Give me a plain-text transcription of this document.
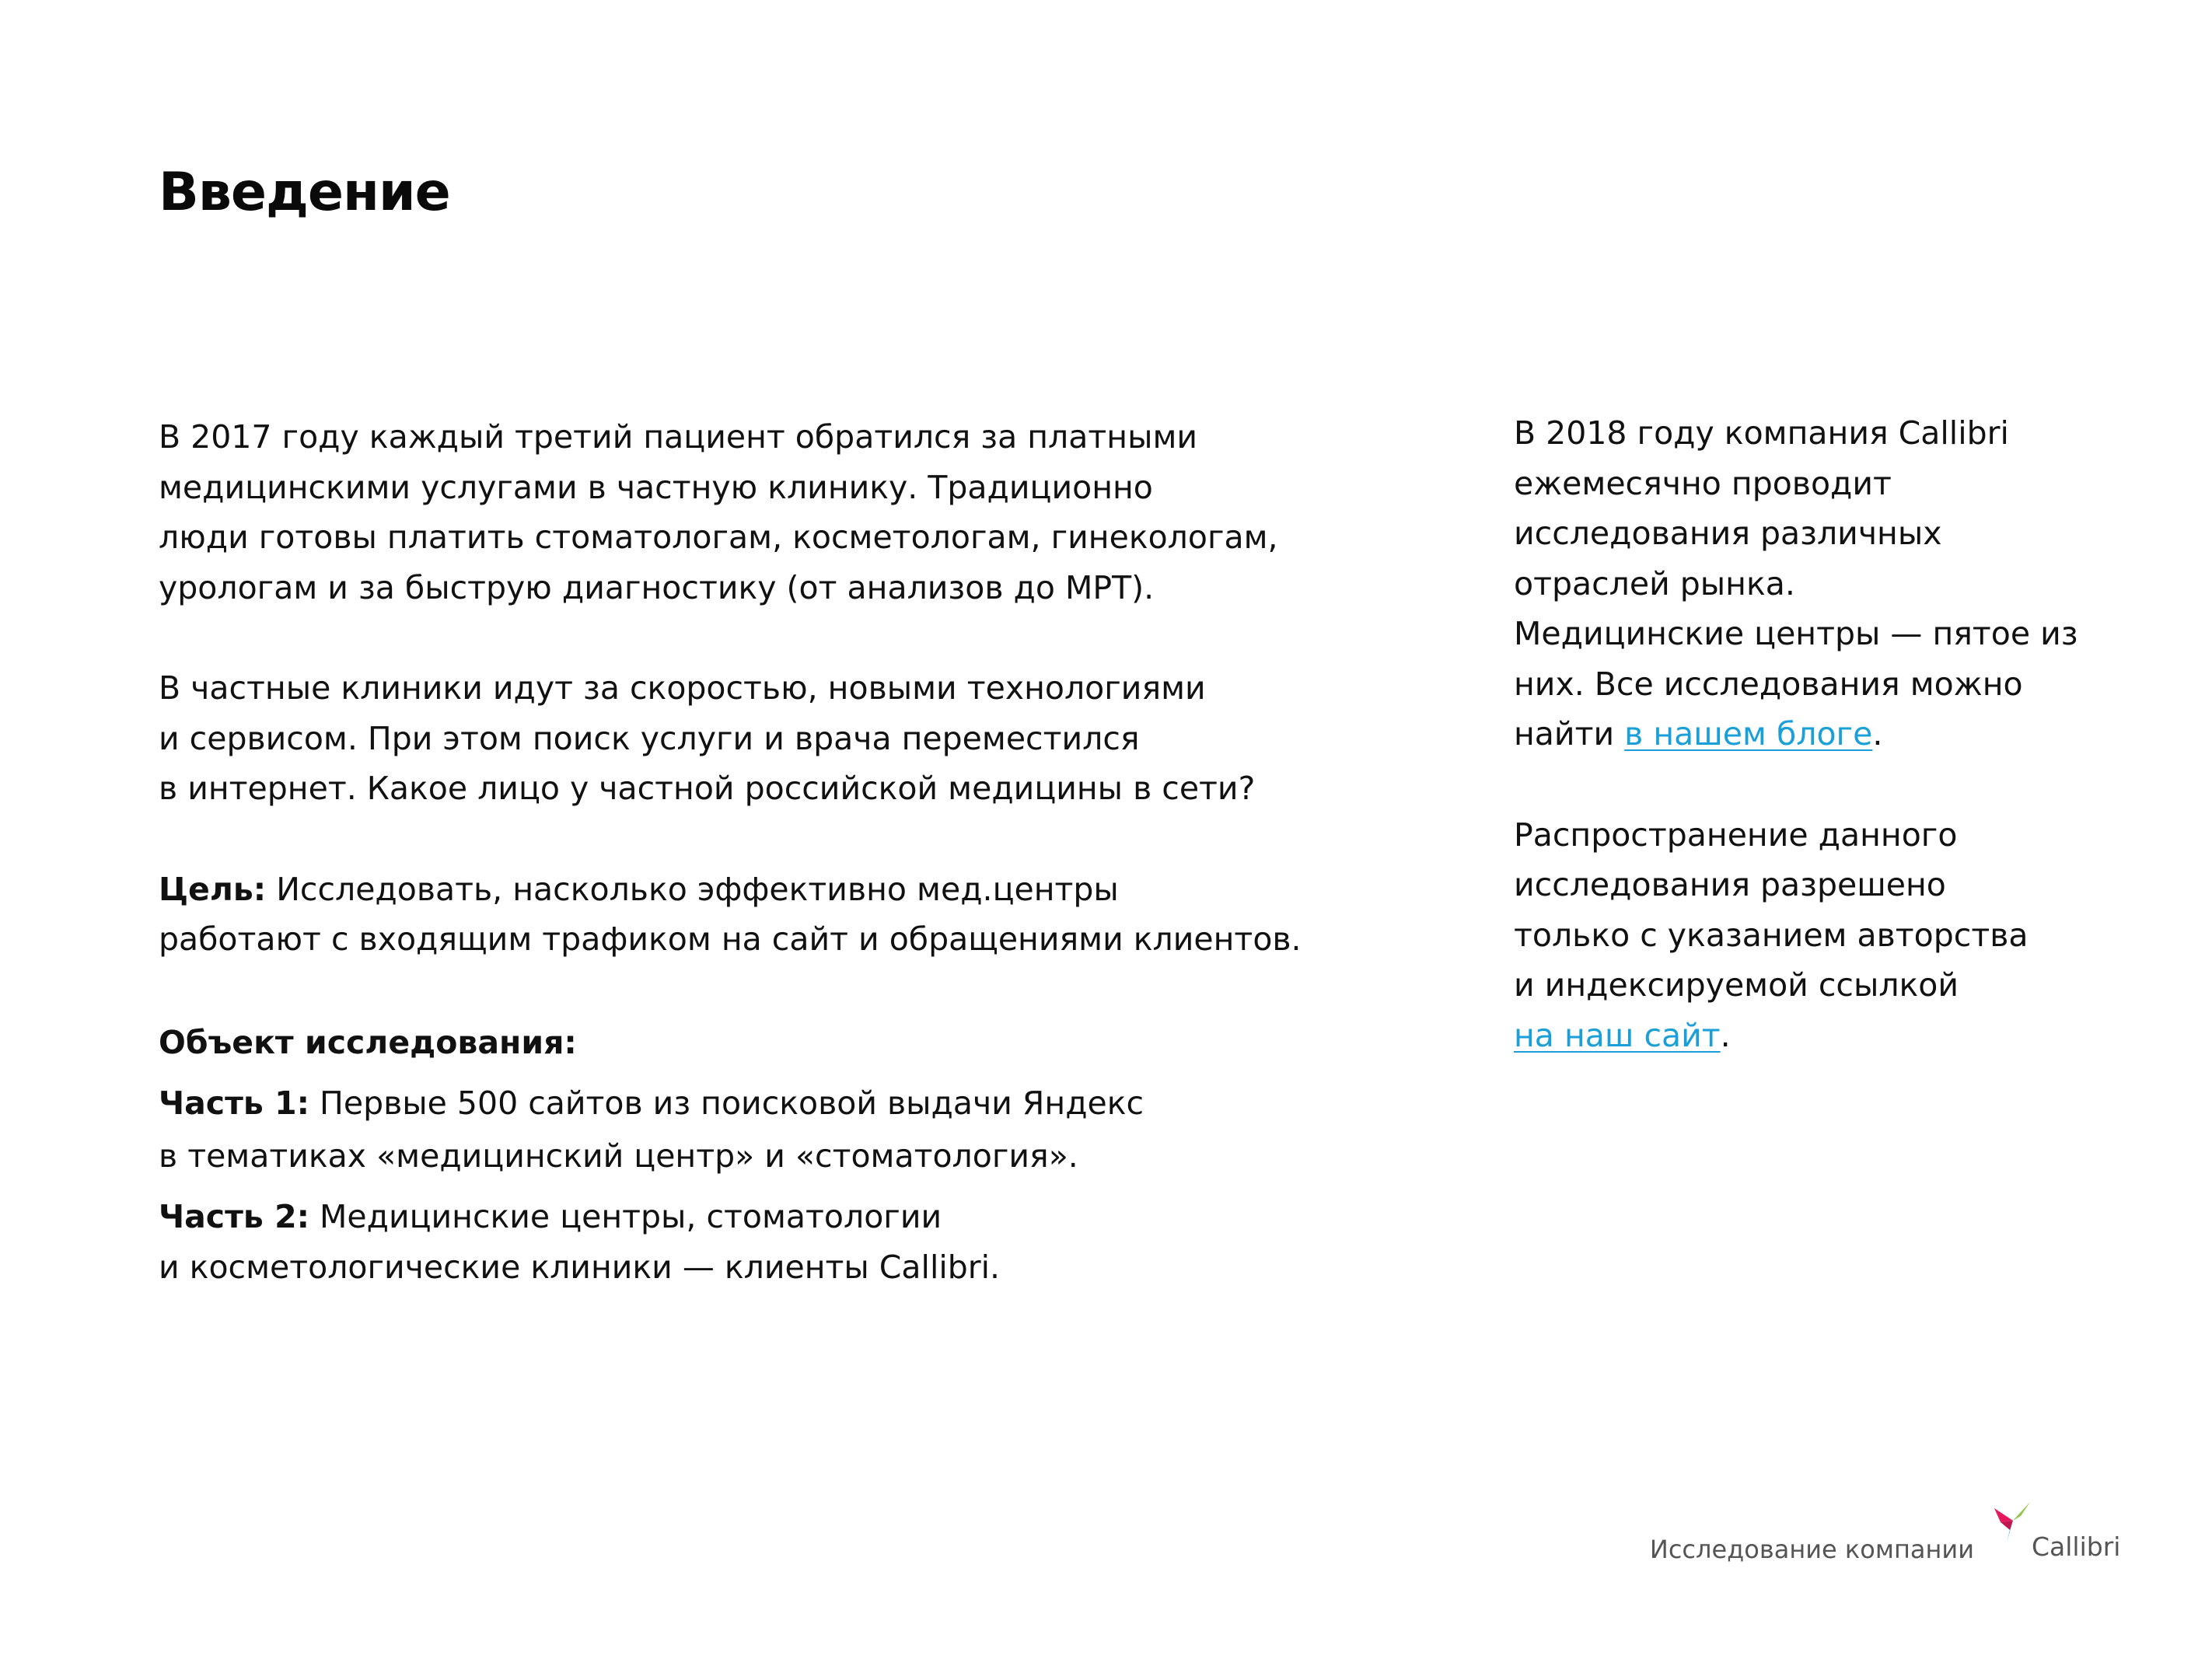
Введение

В 2017 году каждый третий пациент обратился за платными
медицинскими услугами в частную клинику. Традиционно
люди готовы платить стоматологам, косметологам, гинекологам,
урологам и за быструю диагностику (от анализов до МРТ).

В частные клиники идут за скоростью, новыми технологиями
и сервисом. При этом поиск услуги и врача переместился
в интернет. Какое лицо у частной российской медицины в сети?

Цель: Исследовать, насколько эффективно мед.центры
работают с входящим трафиком на сайт и обращениями клиентов.

Объект исследования:

Часть 1: Первые 500 сайтов из поисковой выдачи Яндекс
в тематиках «медицинский центр» и «стоматология».

Часть 2: Медицинские центры, стоматологии
и косметологические клиники — клиенты Callibri.

В 2018 году компания Callibri
ежемесячно проводит
исследования различных
отраслей рынка.
Медицинские центры — пятое из
них. Все исследования можно
найти в нашем блоге.

Распространение данного
исследования разрешено
только с указанием авторства
и индексируемой ссылкой
на наш сайт.

Исследование компании Callibri
